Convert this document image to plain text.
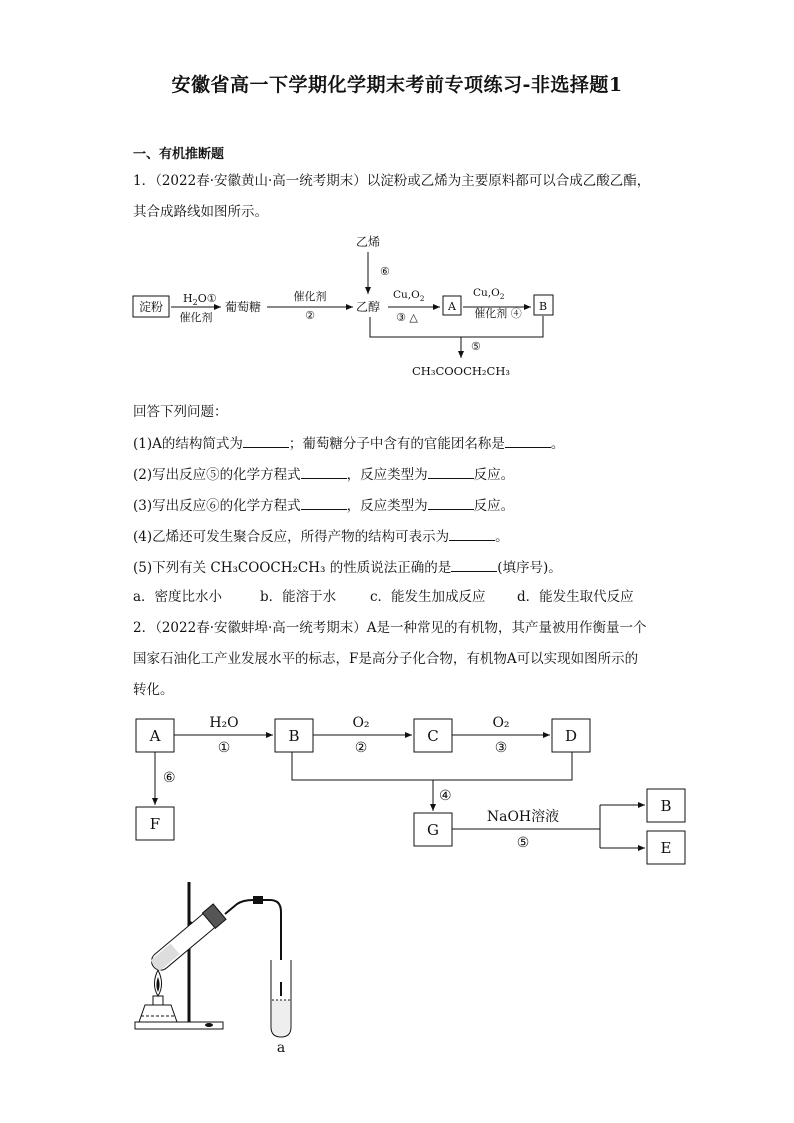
安徽省高一下学期化学期末考前专项练习-非选择题1
一、有机推断题
1．（2022春·安徽黄山·高一统考期末）以淀粉或乙烯为主要原料都可以合成乙酸乙酯，
其合成路线如图所示。
淀粉
$H_2O①$
催化剂
葡萄糖
催化剂
②
乙烯
⑥
乙醇
$Cu,O_2$
③ △
A
$Cu,O_2$
催化剂 ④
B
⑤
CH₃COOCH₂CH₃
回答下列问题：
(1)A的结构简式为	；葡萄糖分子中含有的官能团名称是	。
(2)写出反应⑤的化学方程式	，反应类型为	反应。
(3)写出反应⑥的化学方程式	，反应类型为	反应。
(4)乙烯还可发生聚合反应，所得产物的结构可表示为	。
(5)下列有关 CH₃COOCH₂CH₃ 的性质说法正确的是	(填序号)。
a．密度比水小	b．能溶于水	c．能发生加成反应 d．能发生取代反应
2．（2022春·安徽蚌埠·高一统考期末）A是一种常见的有机物，其产量被用作衡量一个
国家石油化工产业发展水平的标志，F是高分子化合物，有机物A可以实现如图所示的
转化。
A	B	C	D
F	G
B
E
H₂O
①
O₂
②
O₂
③
⑥
④
NaOH溶液
⑤
a
